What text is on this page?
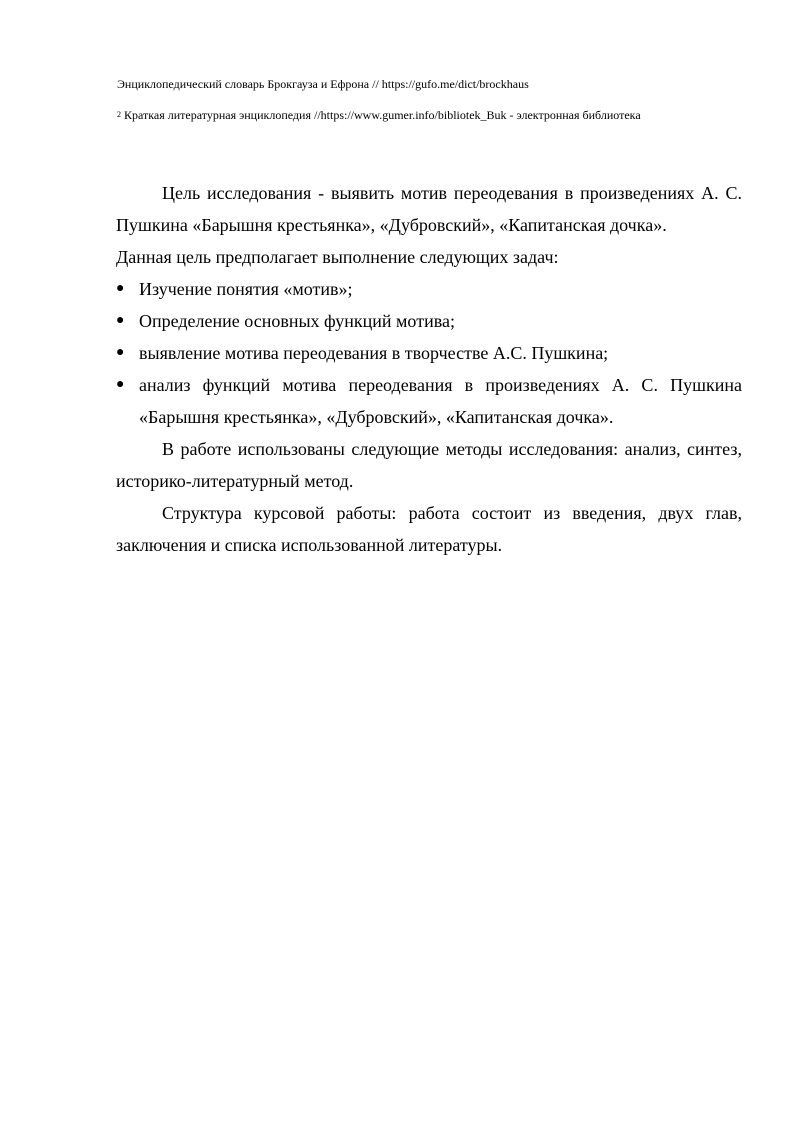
Энциклопедический словарь Брокгауза и Ефрона // https://gufo.me/dict/brockhaus
$^2$ Краткая литературная энциклопедия //https://www.gumer.info/bibliotek_Buk - электронная библиотека

Цель исследования - выявить мотив переодевания в произведениях А. С. Пушкина «Барышня крестьянка», «Дубровский», «Капитанская дочка».

Данная цель предполагает выполнение следующих задач:

● Изучение понятия «мотив»;
● Определение основных функций мотива;
● выявление мотива переодевания в творчестве А.С. Пушкина;
● анализ функций мотива переодевания в произведениях А. С. Пушкина «Барышня крестьянка», «Дубровский», «Капитанская дочка».

В работе использованы следующие методы исследования: анализ, синтез, историко-литературный метод.

Структура курсовой работы: работа состоит из введения, двух глав, заключения и списка использованной литературы.
